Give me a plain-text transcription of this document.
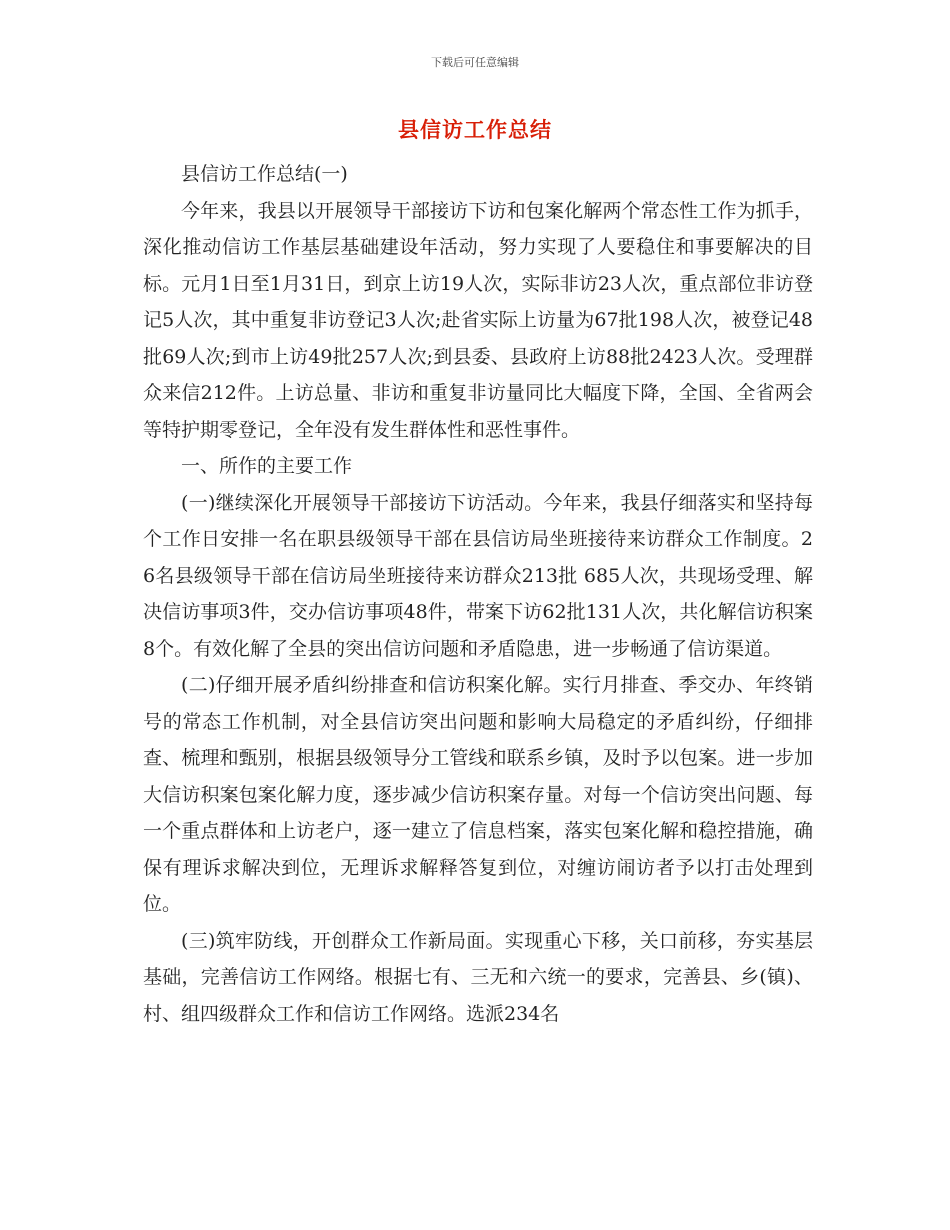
下载后可任意编辑
县信访工作总结

县信访工作总结(一)

今年来，我县以开展领导干部接访下访和包案化解两个常态性工作为抓手，深化推动信访工作基层基础建设年活动，努力实现了人要稳住和事要解决的目标。元月1日至1月31日，到京上访19人次，实际非访23人次，重点部位非访登记5人次，其中重复非访登记3人次;赴省实际上访量为67批198人次，被登记48批69人次;到市上访49批257人次;到县委、县政府上访88批2423人次。受理群众来信212件。上访总量、非访和重复非访量同比大幅度下降，全国、全省两会等特护期零登记，全年没有发生群体性和恶性事件。

一、所作的主要工作

(一)继续深化开展领导干部接访下访活动。今年来，我县仔细落实和坚持每个工作日安排一名在职县级领导干部在县信访局坐班接待来访群众工作制度。26名县级领导干部在信访局坐班接待来访群众213批 685人次，共现场受理、解决信访事项3件，交办信访事项48件，带案下访62批131人次，共化解信访积案8个。有效化解了全县的突出信访问题和矛盾隐患，进一步畅通了信访渠道。

(二)仔细开展矛盾纠纷排查和信访积案化解。实行月排查、季交办、年终销号的常态工作机制，对全县信访突出问题和影响大局稳定的矛盾纠纷，仔细排查、梳理和甄别，根据县级领导分工管线和联系乡镇，及时予以包案。进一步加大信访积案包案化解力度，逐步减少信访积案存量。对每一个信访突出问题、每一个重点群体和上访老户，逐一建立了信息档案，落实包案化解和稳控措施，确保有理诉求解决到位，无理诉求解释答复到位，对缠访闹访者予以打击处理到位。

(三)筑牢防线，开创群众工作新局面。实现重心下移，关口前移，夯实基层基础，完善信访工作网络。根据七有、三无和六统一的要求，完善县、乡(镇)、村、组四级群众工作和信访工作网络。选派234名
